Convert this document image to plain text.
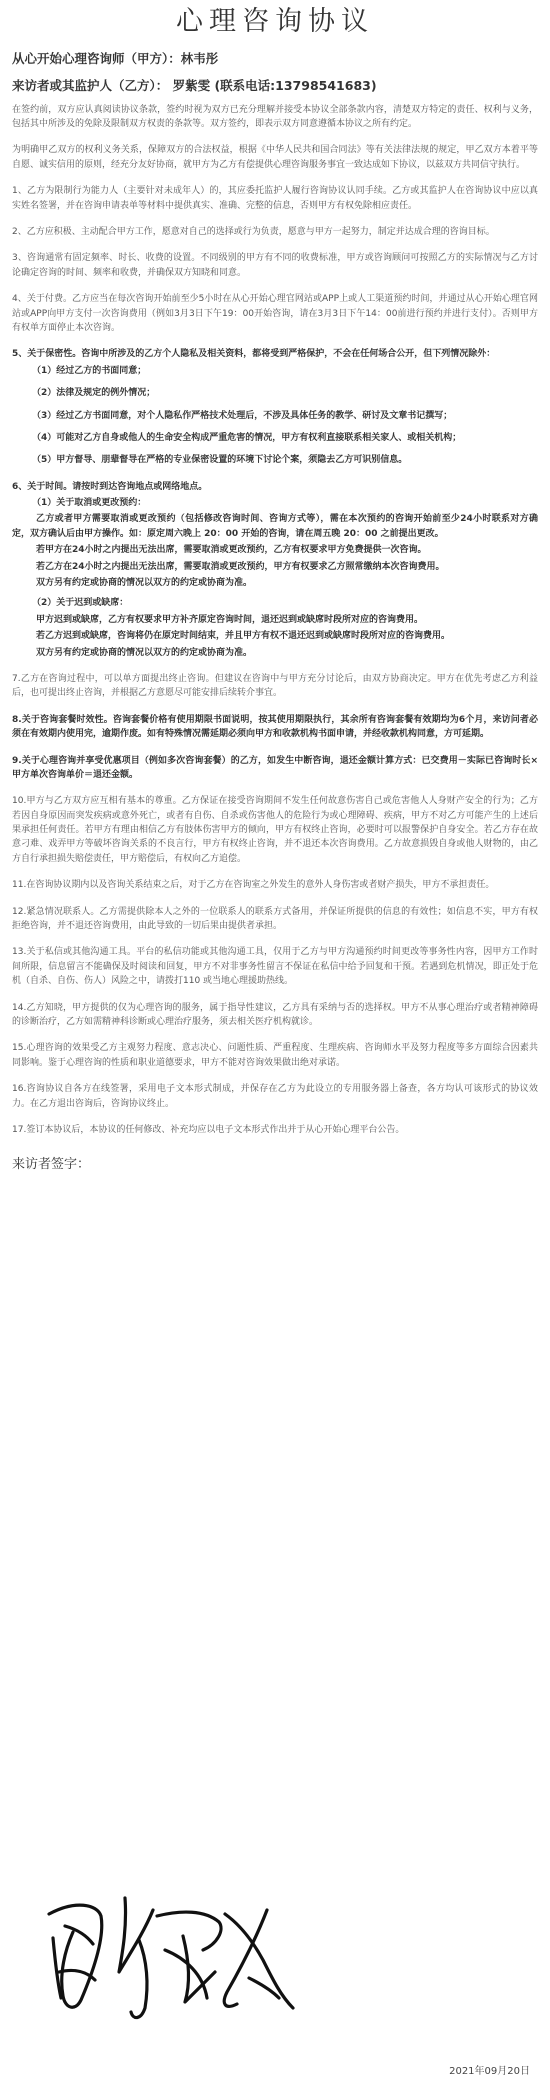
心理咨询协议
从心开始心理咨询师（甲方）：林韦彤
来访者或其监护人（乙方）： 罗紫雯 (联系电话:13798541683)

在签约前，双方应认真阅读协议条款，签约时视为双方已充分理解并接受本协议全部条款内容，清楚双方特定的责任、权利与义务，包括其中所涉及的免除及限制双方权责的条款等。双方签约，即表示双方同意遵循本协议之所有约定。

为明确甲乙双方的权利义务关系，保障双方的合法权益，根据《中华人民共和国合同法》等有关法律法规的规定，甲乙双方本着平等自愿、诚实信用的原则，经充分友好协商，就甲方为乙方有偿提供心理咨询服务事宜一致达成如下协议，以兹双方共同信守执行。

1、乙方为限制行为能力人（主要针对未成年人）的，其应委托监护人履行咨询协议认同手续。乙方或其监护人在咨询协议中应以真实姓名签署，并在咨询申请表单等材料中提供真实、准确、完整的信息，否则甲方有权免除相应责任。

2、乙方应积极、主动配合甲方工作，愿意对自己的选择或行为负责，愿意与甲方一起努力，制定并达成合理的咨询目标。

3、咨询通常有固定频率、时长、收费的设置。不同级别的甲方有不同的收费标准，甲方或咨询顾问可按照乙方的实际情况与乙方讨论确定咨询的时间、频率和收费，并确保双方知晓和同意。

4、关于付费。乙方应当在每次咨询开始前至少5小时在从心开始心理官网站或APP上或人工渠道预约时间，并通过从心开始心理官网站或APP向甲方支付一次咨询费用（例如3月3日下午19：00开始咨询，请在3月3日下午14：00前进行预约并进行支付）。否则甲方有权单方面停止本次咨询。

5、关于保密性。咨询中所涉及的乙方个人隐私及相关资料，都将受到严格保护，不会在任何场合公开，但下列情况除外：

（1）经过乙方的书面同意；

（2）法律及规定的例外情况；

（3）经过乙方书面同意，对个人隐私作严格技术处理后，不涉及具体任务的教学、研讨及文章书记撰写；

（4）可能对乙方自身或他人的生命安全构成严重危害的情况，甲方有权利直接联系相关家人、或相关机构；

（5）甲方督导、朋辈督导在严格的专业保密设置的环境下讨论个案，须隐去乙方可识别信息。

6、关于时间。请按时到达咨询地点或网络地点。

（1）关于取消或更改预约：

乙方或者甲方需要取消或更改预约（包括修改咨询时间、咨询方式等），需在本次预约的咨询开始前至少24小时联系对方确定，双方确认后由甲方操作。如：原定周六晚上 20：00 开始的咨询，请在周五晚 20：00 之前提出更改。

若甲方在24小时之内提出无法出席，需要取消或更改预约，乙方有权要求甲方免费提供一次咨询。

若乙方在24小时之内提出无法出席，需要取消或更改预约，甲方有权要求乙方照常缴纳本次咨询费用。

双方另有约定或协商的情况以双方的约定或协商为准。

（2）关于迟到或缺席：

甲方迟到或缺席，乙方有权要求甲方补齐原定咨询时间，退还迟到或缺席时段所对应的咨询费用。

若乙方迟到或缺席，咨询将仍在原定时间结束，并且甲方有权不退还迟到或缺席时段所对应的咨询费用。

双方另有约定或协商的情况以双方的约定或协商为准。

7.乙方在咨询过程中，可以单方面提出终止咨询。但建议在咨询中与甲方充分讨论后，由双方协商决定。甲方在优先考虑乙方利益后，也可提出终止咨询，并根据乙方意愿尽可能安排后续转介事宜。

8.关于咨询套餐时效性。咨询套餐价格有使用期限书面说明，按其使用期限执行，其余所有咨询套餐有效期均为6个月，来访问者必须在有效期内使用完，逾期作废。如有特殊情况需延期必须向甲方和收款机构书面申请，并经收款机构同意，方可延期。

9.关于心理咨询并享受优惠项目（例如多次咨询套餐）的乙方，如发生中断咨询，退还金额计算方式：已交费用－实际已咨询时长×甲方单次咨询单价＝退还金额。

10.甲方与乙方双方应互相有基本的尊重。乙方保证在接受咨询期间不发生任何故意伤害自己或危害他人人身财产安全的行为；乙方若因自身原因而突发疾病或意外死亡，或者有自伤、自杀或伤害他人的危险行为或心理障碍、疾病，甲方不对乙方可能产生的上述后果承担任何责任。若甲方有理由相信乙方有肢体伤害甲方的倾向，甲方有权终止咨询，必要时可以报警保护自身安全。若乙方存在故意刁难、戏弄甲方等破坏咨询关系的不良言行，甲方有权终止咨询，并不退还本次咨询费用。乙方故意损毁自身或他人财物的，由乙方自行承担损失赔偿责任，甲方赔偿后，有权向乙方追偿。

11.在咨询协议期内以及咨询关系结束之后，对于乙方在咨询室之外发生的意外人身伤害或者财产损失，甲方不承担责任。

12.紧急情况联系人。乙方需提供除本人之外的一位联系人的联系方式备用，并保证所提供的信息的有效性；如信息不实，甲方有权拒绝咨询，并不退还咨询费用，由此导致的一切后果由提供者承担。

13.关于私信或其他沟通工具。平台的私信功能或其他沟通工具，仅用于乙方与甲方沟通预约时间更改等事务性内容，因甲方工作时间所限，信息留言不能确保及时阅读和回复，甲方不对非事务性留言不保证在私信中给予回复和干预。若遇到危机情况，即正处于危机（自杀、自伤、伤人）风险之中，请拨打110 或当地心理援助热线。

14.乙方知晓，甲方提供的仅为心理咨询的服务，属于指导性建议，乙方具有采纳与否的选择权。甲方不从事心理治疗或者精神障碍的诊断治疗，乙方如需精神科诊断或心理治疗服务，须去相关医疗机构就诊。

15.心理咨询的效果受乙方主观努力程度、意志决心、问题性质、严重程度、生理疾病、咨询师水平及努力程度等多方面综合因素共同影响。鉴于心理咨询的性质和职业道德要求，甲方不能对咨询效果做出绝对承诺。

16.咨询协议自各方在线签署，采用电子文本形式制成，并保存在乙方为此设立的专用服务器上备查，各方均认可该形式的协议效力。在乙方退出咨询后，咨询协议终止。

17.签订本协议后，本协议的任何修改、补充均应以电子文本形式作出并于从心开始心理平台公告。

来访者签字：
2021年09月20日
